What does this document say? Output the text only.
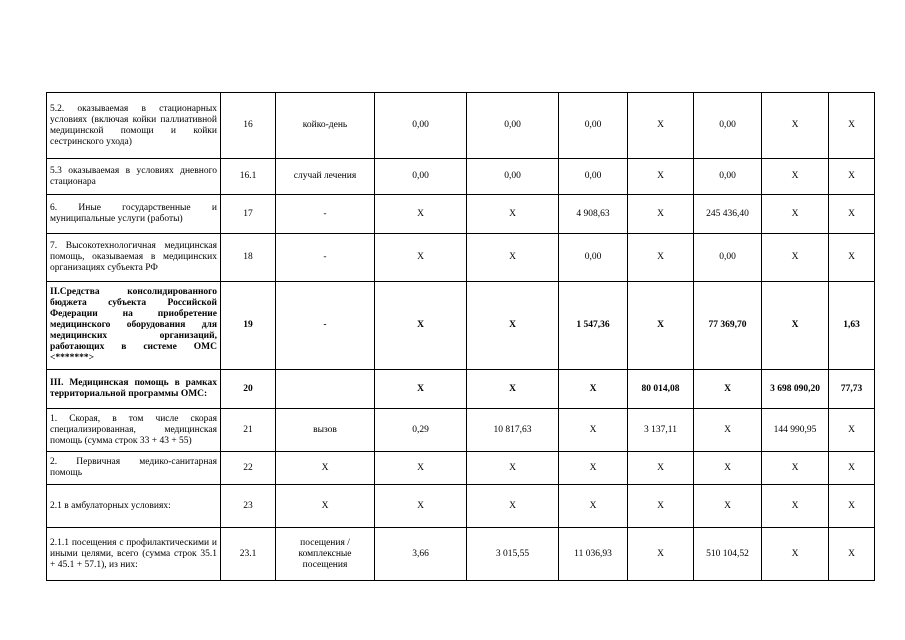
5.2. оказываемая в стационарных условиях (включая койки паллиативной медицинской помощи и койки сестринского ухода)	16	койко-день	0,00	0,00	0,00	X	0,00	X	X
5.3 оказываемая в условиях дневного стационара	16.1	случай лечения	0,00	0,00	0,00	X	0,00	X	X
6. Иные государственные и муниципальные услуги (работы)	17	-	X	X	4 908,63	X	245 436,40	X	X
7. Высокотехнологичная медицинская помощь, оказываемая в медицинских организациях субъекта РФ	18	-	X	X	0,00	X	0,00	X	X
II.Средства консолидированного бюджета субъекта Российской Федерации на приобретение медицинского оборудования для медицинских организаций, работающих в системе ОМС <*******>	19	-	X	X	1 547,36	X	77 369,70	X	1,63
III. Медицинская помощь в рамках территориальной программы ОМС:	20		X	X	X	80 014,08	X	3 698 090,20	77,73
1. Скорая, в том числе скорая специализированная, медицинская помощь (сумма строк 33 + 43 + 55)	21	вызов	0,29	10 817,63	X	3 137,11	X	144 990,95	X
2. Первичная медико-санитарная помощь	22	X	X	X	X	X	X	X	X
2.1 в амбулаторных условиях:	23	X	X	X	X	X	X	X	X
2.1.1 посещения с профилактическими и иными целями, всего (сумма строк 35.1 + 45.1 + 57.1), из них:	23.1	посещения / комплексные посещения	3,66	3 015,55	11 036,93	X	510 104,52	X	X
